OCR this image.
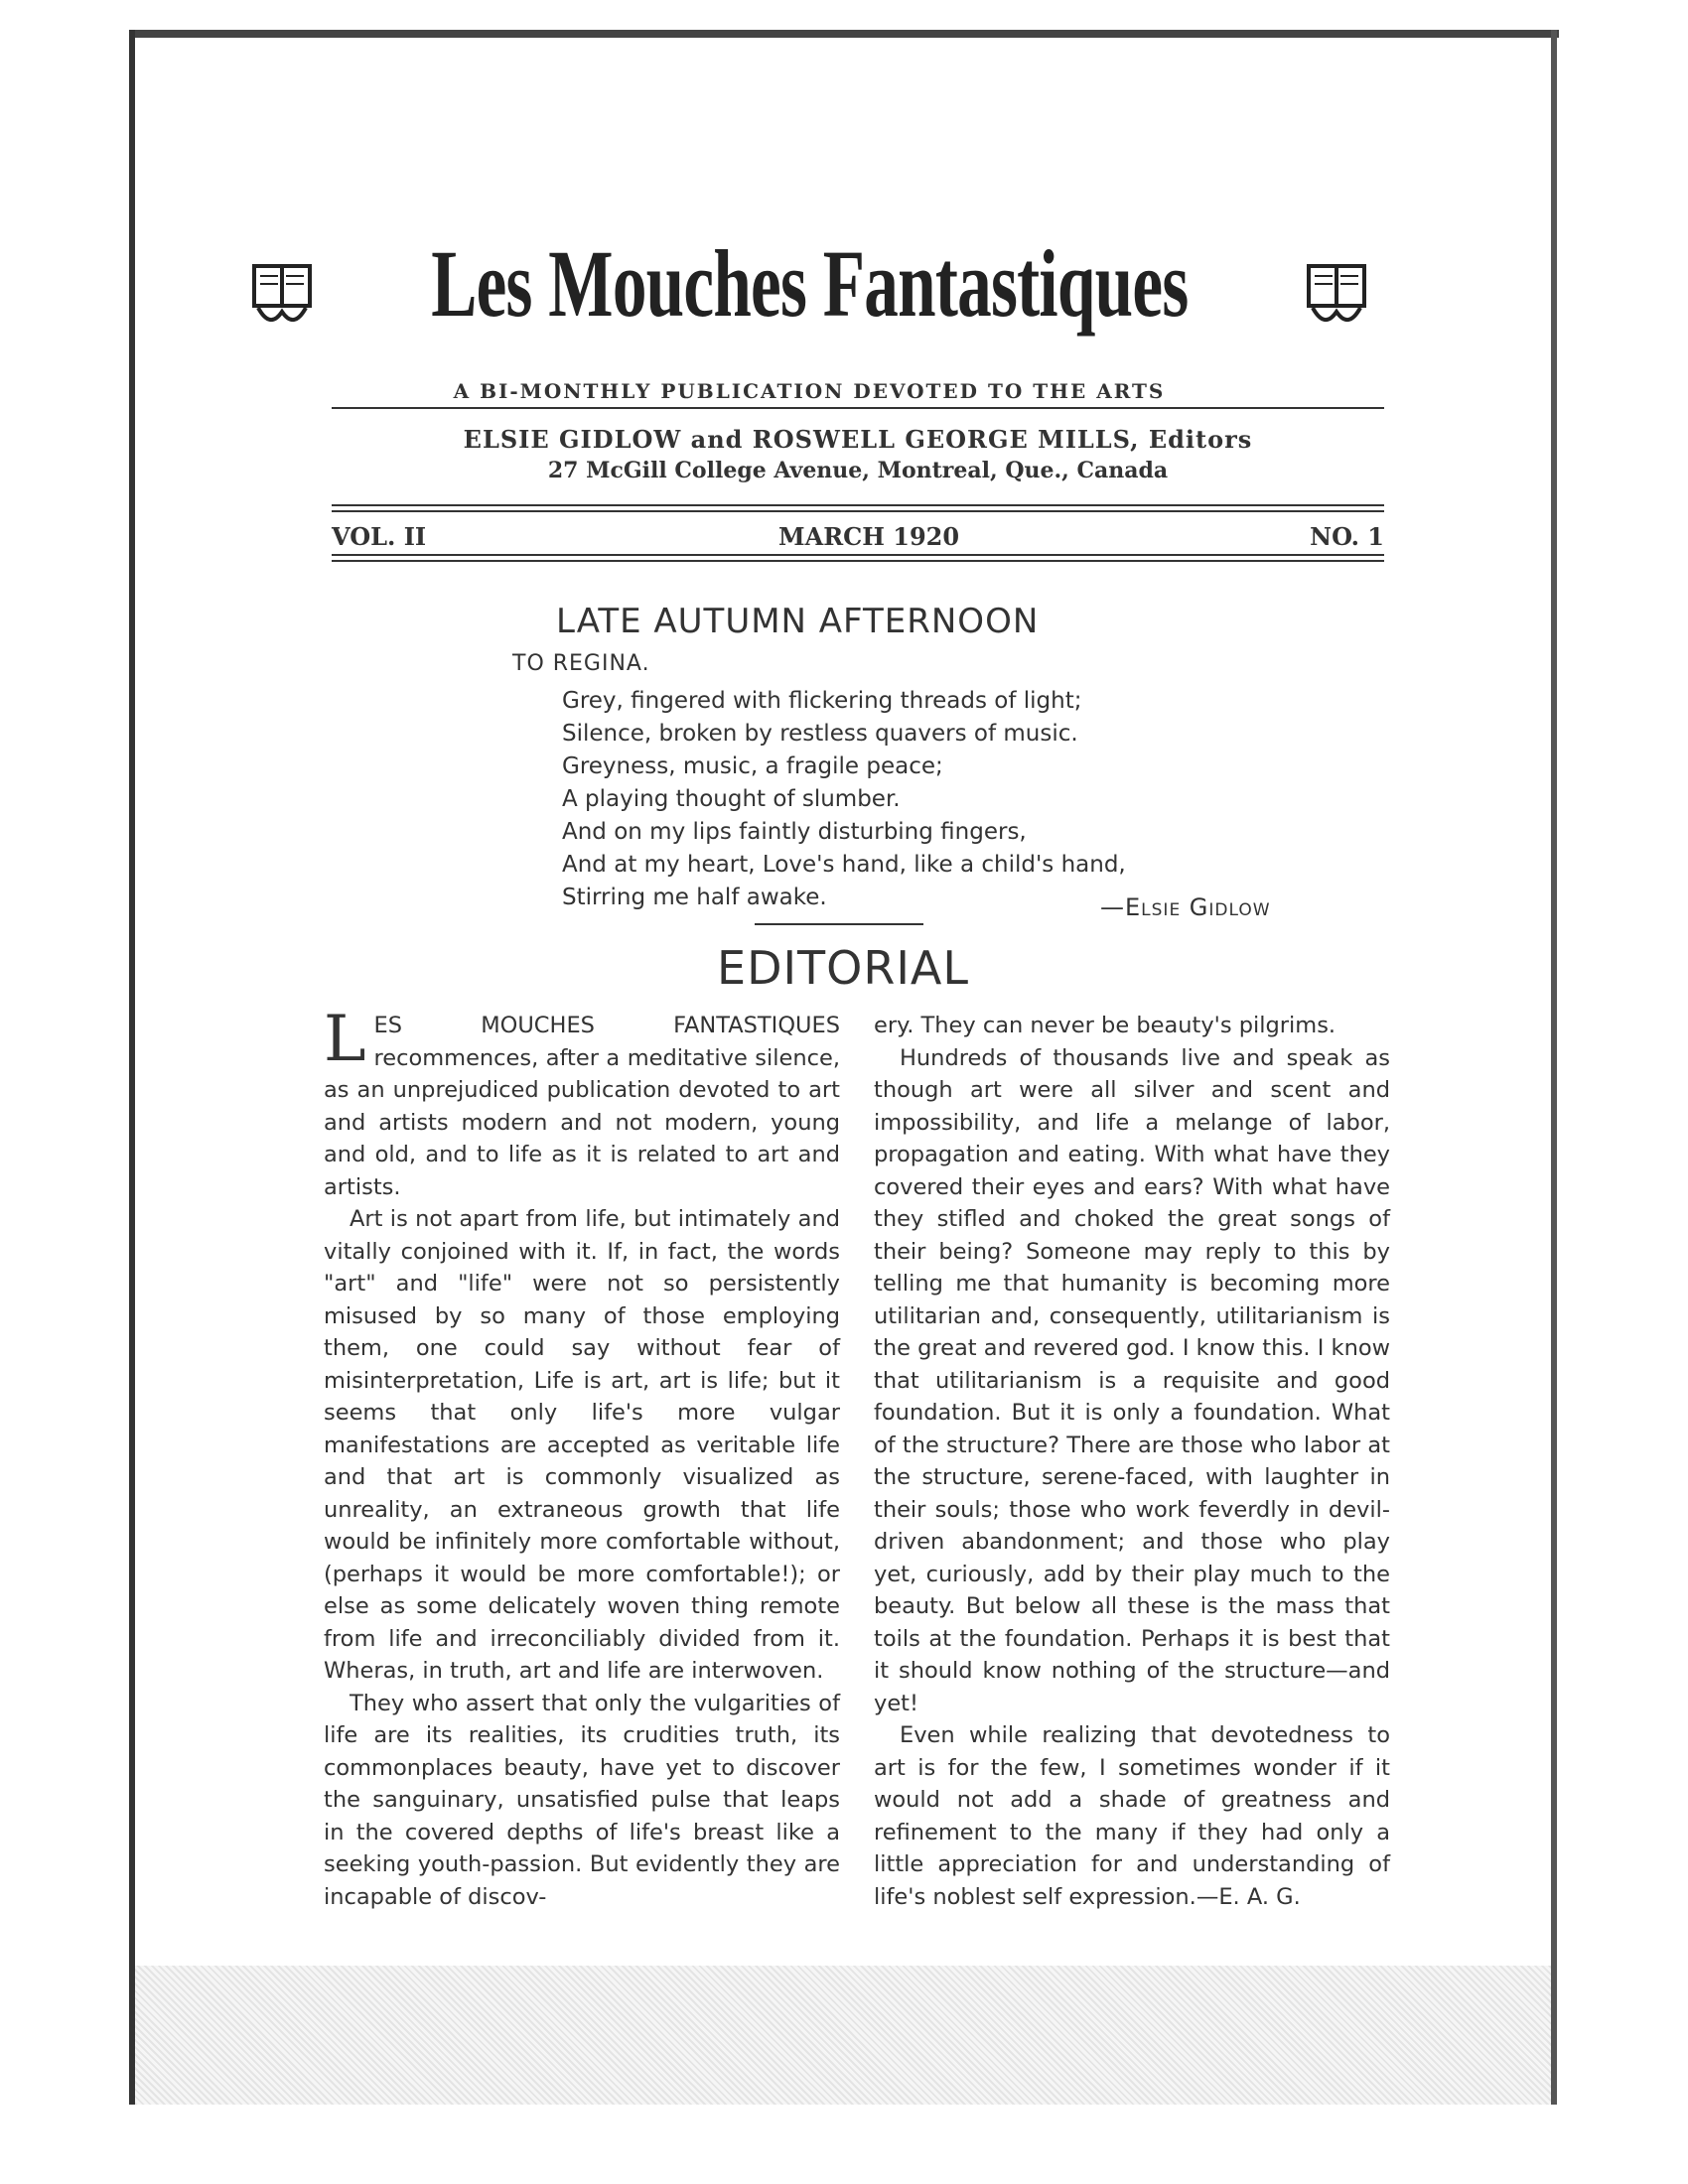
Les Mouches Fantastiques
A BI-MONTHLY PUBLICATION DEVOTED TO THE ARTS
ELSIE GIDLOW and ROSWELL GEORGE MILLS, Editors
27 McGill College Avenue, Montreal, Que., Canada
VOL. II	MARCH 1920	NO. 1
LATE AUTUMN AFTERNOON
TO REGINA.
Grey, fingered with flickering threads of light;
Silence, broken by restless quavers of music.
Greyness, music, a fragile peace;
A playing thought of slumber.
And on my lips faintly disturbing fingers,
And at my heart, Love's hand, like a child's hand,
Stirring me half awake.	—Elsie Gidlow
EDITORIAL

LES MOUCHES FANTASTIQUES recommences, after a meditative silence, as an unprejudiced publication devoted to art and artists modern and not modern, young and old, and to life as it is related to art and artists.

Art is not apart from life, but intimately and vitally conjoined with it. If, in fact, the words "art" and "life" were not so persistently misused by so many of those employing them, one could say without fear of misinterpretation, Life is art, art is life; but it seems that only life's more vulgar manifestations are accepted as veritable life and that art is commonly visualized as unreality, an extraneous growth that life would be infinitely more comfortable without, (perhaps it would be more comfortable!); or else as some delicately woven thing remote from life and irreconciliably divided from it. Wheras, in truth, art and life are interwoven.

They who assert that only the vulgarities of life are its realities, its crudities truth, its commonplaces beauty, have yet to discover the sanguinary, unsatisfied pulse that leaps in the covered depths of life's breast like a seeking youth-passion. But evidently they are incapable of discov-

ery. They can never be beauty's pilgrims.

Hundreds of thousands live and speak as though art were all silver and scent and impossibility, and life a melange of labor, propagation and eating. With what have they covered their eyes and ears? With what have they stifled and choked the great songs of their being? Someone may reply to this by telling me that humanity is becoming more utilitarian and, consequently, utilitarianism is the great and revered god. I know this. I know that utilitarianism is a requisite and good foundation. But it is only a foundation. What of the structure? There are those who labor at the structure, serene-faced, with laughter in their souls; those who work feverdly in devil-driven abandonment; and those who play yet, curiously, add by their play much to the beauty. But below all these is the mass that toils at the foundation. Perhaps it is best that it should know nothing of the structure—and yet!

Even while realizing that devotedness to art is for the few, I sometimes wonder if it would not add a shade of greatness and refinement to the many if they had only a little appreciation for and understanding of life's noblest self expression.—E. A. G.
